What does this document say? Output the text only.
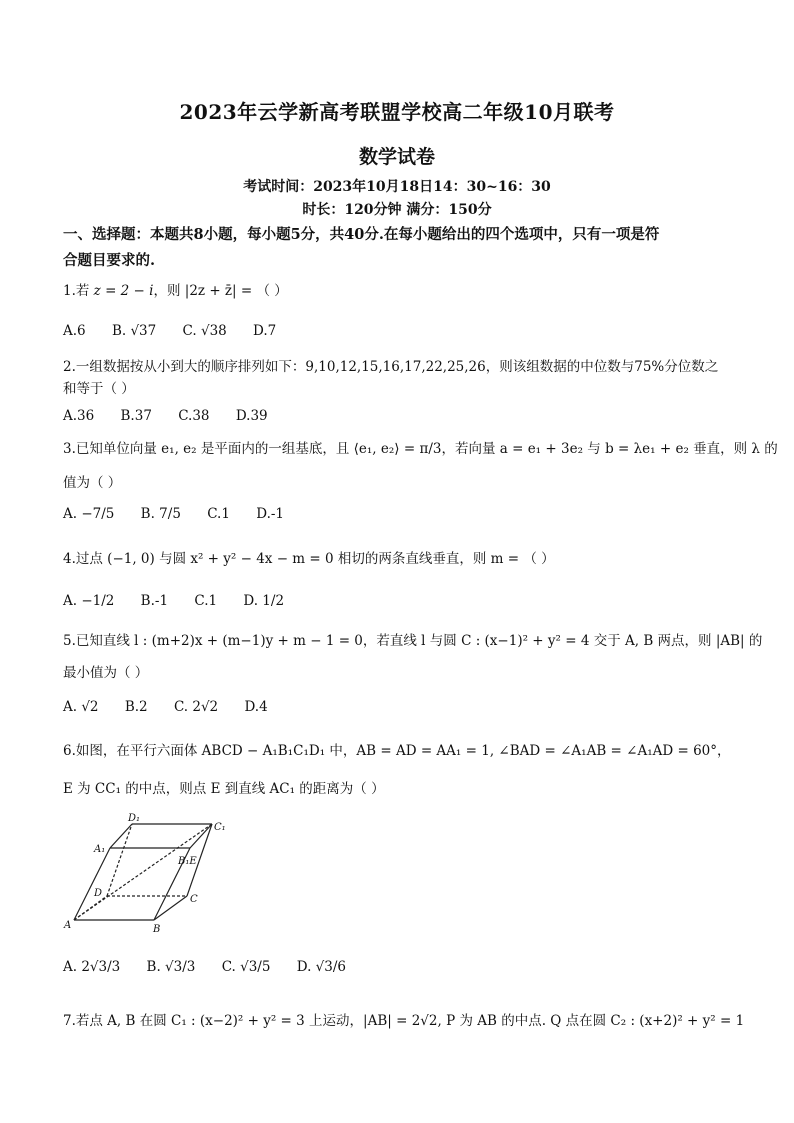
2023年云学新高考联盟学校高二年级10月联考
数学试卷
考试时间：2023年10月18日14：30~16：30
时长：120分钟 满分：150分
一、选择题：本题共8小题，每小题5分，共40分.在每小题给出的四个选项中，只有一项是符
合题目要求的.
1.若 z = 2 − i，则 |2z + z̄| = （ ）
A.6 B. √37 C. √38 D.7
2.一组数据按从小到大的顺序排列如下：9,10,12,15,16,17,22,25,26，则该组数据的中位数与75%分位数之
和等于（ ）
A.36 B.37 C.38 D.39
3.已知单位向量 e₁, e₂ 是平面内的一组基底，且 ⟨e₁, e₂⟩ = π/3，若向量 a = e₁ + 3e₂ 与 b = λe₁ + e₂ 垂直，则 λ 的
值为（ ）
A. −7/5 B. 7/5 C.1 D.-1
4.过点 (−1, 0) 与圆 x² + y² − 4x − m = 0 相切的两条直线垂直，则 m = （ ）
A. −1/2 B.-1 C.1 D. 1/2
5.已知直线 l : (m+2)x + (m−1)y + m − 1 = 0，若直线 l 与圆 C : (x−1)² + y² = 4 交于 A, B 两点，则 |AB| 的
最小值为（ ）
A. √2 B.2 C. 2√2 D.4
6.如图，在平行六面体 ABCD − A₁B₁C₁D₁ 中，AB = AD = AA₁ = 1, ∠BAD = ∠A₁AB = ∠A₁AD = 60°，
E 为 CC₁ 的中点，则点 E 到直线 AC₁ 的距离为（ ）
A	B
C
D
A₁
B₁E
C₁
D₁
A. 2√3/3 B. √3/3 C. √3/5 D. √3/6
7.若点 A, B 在圆 C₁ : (x−2)² + y² = 3 上运动，|AB| = 2√2, P 为 AB 的中点. Q 点在圆 C₂ : (x+2)² + y² = 1
